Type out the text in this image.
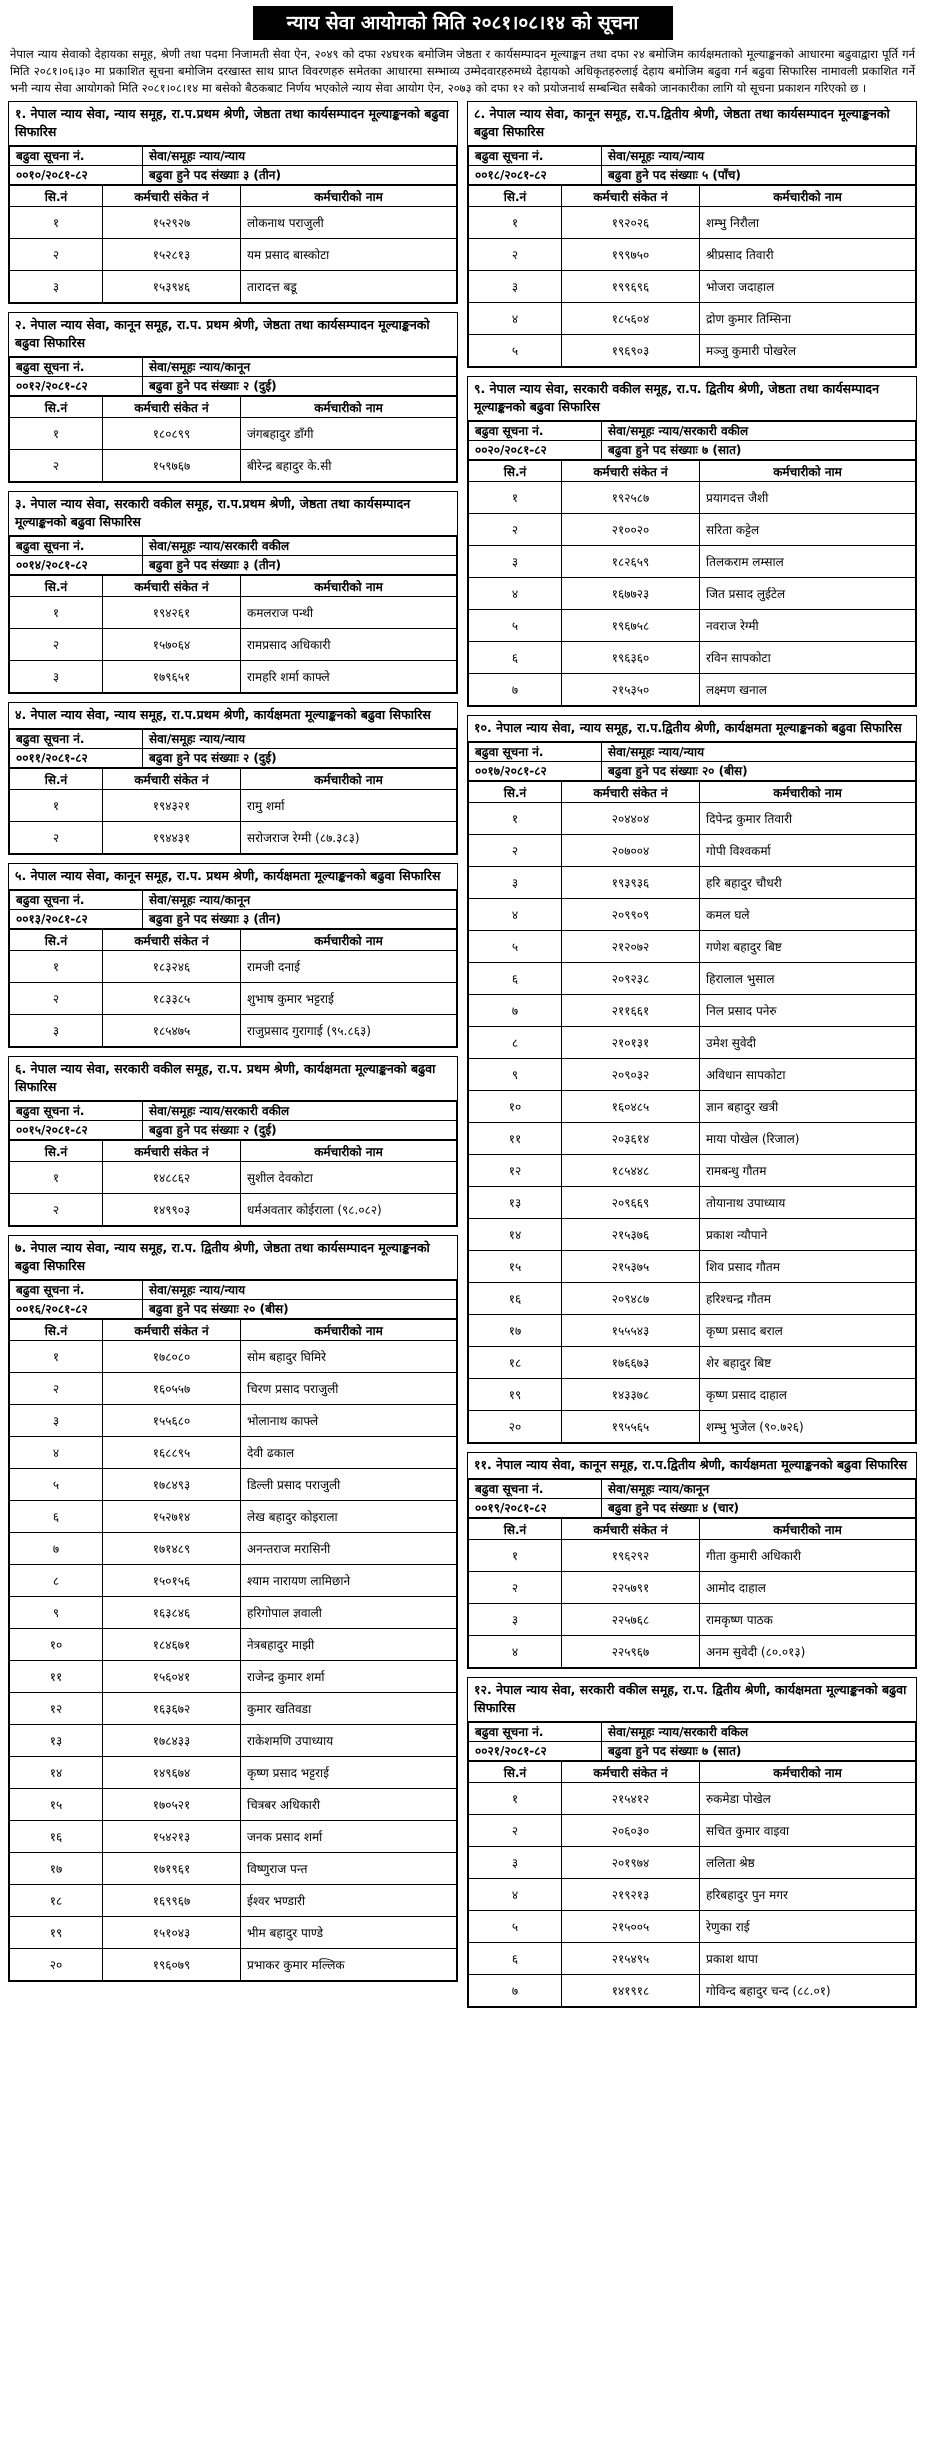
न्याय सेवा आयोगको मिति २०८१।०८।१४ को सूचना
नेपाल न्याय सेवाको देहायका समूह, श्रेणी तथा पदमा निजामती सेवा ऐन, २०४९ को दफा २४घ१क बमोजिम जेष्ठता र कार्यसम्पादन मूल्याङ्कन तथा दफा २४ बमोजिम कार्यक्षमताको मूल्याङ्कनको आधारमा बढुवाद्वारा पूर्ति गर्न मिति २०८१।०६।३० मा प्रकाशित सूचना बमोजिम दरखास्त साथ प्राप्त विवरणहरु समेतका आधारमा सम्भाव्य उम्मेदवारहरुमध्ये देहायको अधिकृतहरुलाई देहाय बमोजिम बढुवा गर्न बढुवा सिफारिस नामावली प्रकाशित गर्ने भनी न्याय सेवा आयोगको मिति २०८१।०८।१४ मा बसेको बैठकबाट निर्णय भएकोले न्याय सेवा आयोग ऐन, २०७३ को दफा १२ को प्रयोजनार्थ सम्बन्धित सबैको जानकारीका लागि यो सूचना प्रकाशन गरिएको छ ।
१. नेपाल न्याय सेवा, न्याय समूह, रा.प.प्रथम श्रेणी, जेष्ठता तथा कार्यसम्पादन मूल्याङ्कनको बढुवा सिफारिस
बढुवा सूचना नं.	सेवा/समूहः न्याय/न्याय
००१०/२०८१-८२	बढुवा हुने पद संख्याः ३ (तीन)
सि.नं	कर्मचारी संकेत नं	कर्मचारीको नाम
१	१५२९२७	लोकनाथ पराजुली
२	१५२८१३	यम प्रसाद बास्कोटा
३	१५३९४६	तारादत्त बडू
२. नेपाल न्याय सेवा, कानून समूह, रा.प. प्रथम श्रेणी, जेष्ठता तथा कार्यसम्पादन मूल्याङ्कनको बढुवा सिफारिस
बढुवा सूचना नं.	सेवा/समूहः न्याय/कानून
००१२/२०८१-८२	बढुवा हुने पद संख्याः २ (दुई)
सि.नं	कर्मचारी संकेत नं	कर्मचारीको नाम
१	१८०८९९	जंगबहादुर डाँगी
२	१५९७६७	बीरेन्द्र बहादुर के.सी
३. नेपाल न्याय सेवा, सरकारी वकील समूह, रा.प.प्रथम श्रेणी, जेष्ठता तथा कार्यसम्पादन मूल्याङ्कनको बढुवा सिफारिस
बढुवा सूचना नं.	सेवा/समूहः न्याय/सरकारी वकील
००१४/२०८१-८२	बढुवा हुने पद संख्याः ३ (तीन)
सि.नं	कर्मचारी संकेत नं	कर्मचारीको नाम
१	१९४२६१	कमलराज पन्थी
२	१५७०६४	रामप्रसाद अधिकारी
३	१७९६५१	रामहरि शर्मा काफ्ले
४. नेपाल न्याय सेवा, न्याय समूह, रा.प.प्रथम श्रेणी, कार्यक्षमता मूल्याङ्कनको बढुवा सिफारिस
बढुवा सूचना नं.	सेवा/समूहः न्याय/न्याय
००११/२०८१-८२	बढुवा हुने पद संख्याः २ (दुई)
सि.नं	कर्मचारी संकेत नं	कर्मचारीको नाम
१	१९४३२१	रामु शर्मा
२	१९४४३१	सरोजराज रेग्मी (८७.३८३)
५. नेपाल न्याय सेवा, कानून समूह, रा.प. प्रथम श्रेणी, कार्यक्षमता मूल्याङ्कनको बढुवा सिफारिस
बढुवा सूचना नं.	सेवा/समूहः न्याय/कानून
००१३/२०८१-८२	बढुवा हुने पद संख्याः ३ (तीन)
सि.नं	कर्मचारी संकेत नं	कर्मचारीको नाम
१	१८३२४६	रामजी दनाई
२	१८३३८५	शुभाष कुमार भट्टराई
३	१८५४७५	राजुप्रसाद गुरागाई (९५.८६३)
६. नेपाल न्याय सेवा, सरकारी वकील समूह, रा.प. प्रथम श्रेणी, कार्यक्षमता मूल्याङ्कनको बढुवा सिफारिस
बढुवा सूचना नं.	सेवा/समूहः न्याय/सरकारी वकील
००१५/२०८१-८२	बढुवा हुने पद संख्याः २ (दुई)
सि.नं	कर्मचारी संकेत नं	कर्मचारीको नाम
१	१४८८६२	सुशील देवकोटा
२	१४९९०३	धर्मअवतार कोईराला (९८.०८२)
७. नेपाल न्याय सेवा, न्याय समूह, रा.प. द्वितीय श्रेणी, जेष्ठता तथा कार्यसम्पादन मूल्याङ्कनको बढुवा सिफारिस
बढुवा सूचना नं.	सेवा/समूहः न्याय/न्याय
००१६/२०८१-८२	बढुवा हुने पद संख्याः २० (बीस)
सि.नं	कर्मचारी संकेत नं	कर्मचारीको नाम
१	१७८०८०	सोम बहादुर घिमिरे
२	१६०५५७	चिरण प्रसाद पराजुली
३	१५५६८०	भोलानाथ काफ्ले
४	१६८८९५	देवी ढकाल
५	१७८४९३	डिल्ली प्रसाद पराजुली
६	१५२७१४	लेख बहादुर कोइराला
७	१७१४८९	अनन्तराज मरासिनी
८	१५०१५६	श्याम नारायण लामिछाने
९	१६३८४६	हरिगोपाल ज्ञवाली
१०	१८४६७१	नेत्रबहादुर माझी
११	१५६०४१	राजेन्द्र कुमार शर्मा
१२	१६३६७२	कुमार खतिवडा
१३	१७८४३३	राकेशमणि उपाध्याय
१४	१४९६७४	कृष्ण प्रसाद भट्टराई
१५	१७०५२१	चित्रबर अधिकारी
१६	१५४२१३	जनक प्रसाद शर्मा
१७	१७१९६१	विष्णुराज पन्त
१८	१६९९६७	ईश्वर भण्डारी
१९	१५१०४३	भीम बहादुर पाण्डे
२०	१९६०७९	प्रभाकर कुमार मल्लिक
८. नेपाल न्याय सेवा, कानून समूह, रा.प.द्वितीय श्रेणी, जेष्ठता तथा कार्यसम्पादन मूल्याङ्कनको बढुवा सिफारिस
बढुवा सूचना नं.	सेवा/समूहः न्याय/न्याय
००१८/२०८१-८२	बढुवा हुने पद संख्याः ५ (पाँच)
सि.नं	कर्मचारी संकेत नं	कर्मचारीको नाम
१	१९२०२६	शम्भु निरौला
२	१९९७५०	श्रीप्रसाद तिवारी
३	१९९६९६	भोजरा जदाहाल
४	१८५६०४	द्रोण कुमार तिम्सिना
५	१९६९०३	मञ्जु कुमारी पोखरेल
९. नेपाल न्याय सेवा, सरकारी वकील समूह, रा.प. द्वितीय श्रेणी, जेष्ठता तथा कार्यसम्पादन मूल्याङ्कनको बढुवा सिफारिस
बढुवा सूचना नं.	सेवा/समूहः न्याय/सरकारी वकील
००२०/२०८१-८२	बढुवा हुने पद संख्याः ७ (सात)
सि.नं	कर्मचारी संकेत नं	कर्मचारीको नाम
१	१९२५८७	प्रयागदत्त जैशी
२	२१००२०	सरिता कट्टेल
३	१८२६५९	तिलकराम लम्साल
४	१६७७२३	जित प्रसाद लुईटेल
५	१९६७५८	नवराज रेग्मी
६	१९६३६०	रविन सापकोटा
७	२१५३५०	लक्ष्मण खनाल
१०. नेपाल न्याय सेवा, न्याय समूह, रा.प.द्वितीय श्रेणी, कार्यक्षमता मूल्याङ्कनको बढुवा सिफारिस
बढुवा सूचना नं.	सेवा/समूहः न्याय/न्याय
००१७/२०८१-८२	बढुवा हुने पद संख्याः २० (बीस)
सि.नं	कर्मचारी संकेत नं	कर्मचारीको नाम
१	२०४४०४	दिपेन्द्र कुमार तिवारी
२	२०७००४	गोपी विश्वकर्मा
३	१९३९३६	हरि बहादुर चौधरी
४	२०९९०९	कमल घले
५	२१२०७२	गणेश बहादुर बिष्ट
६	२०९२३८	हिरालाल भुसाल
७	२११६६१	निल प्रसाद पनेरु
८	२१०१३१	उमेश सुवेदी
९	२०९०३२	अविधान सापकोटा
१०	१६०४८५	ज्ञान बहादुर खत्री
११	२०३६१४	माया पोखेल (रिजाल)
१२	१८५४४८	रामबन्धु गौतम
१३	२०९६६९	तोयानाथ उपाध्याय
१४	२१५३७६	प्रकाश न्यौपाने
१५	२१५३७५	शिव प्रसाद गौतम
१६	२०९४८७	हरिश्चन्द्र गौतम
१७	१५५५४३	कृष्ण प्रसाद बराल
१८	१७६६७३	शेर बहादुर बिष्ट
१९	१४३३७८	कृष्ण प्रसाद दाहाल
२०	१९५५६५	शम्भु भुजेल (९०.७२६)
११. नेपाल न्याय सेवा, कानून समूह, रा.प.द्वितीय श्रेणी, कार्यक्षमता मूल्याङ्कनको बढुवा सिफारिस
बढुवा सूचना नं.	सेवा/समूहः न्याय/कानून
००१९/२०८१-८२	बढुवा हुने पद संख्याः ४ (चार)
सि.नं	कर्मचारी संकेत नं	कर्मचारीको नाम
१	१९६२९२	गीता कुमारी अधिकारी
२	२२५७९१	आमोद दाहाल
३	२२५७६८	रामकृष्ण पाठक
४	२२५९६७	अनम सुवेदी (८०.०१३)
१२. नेपाल न्याय सेवा, सरकारी वकील समूह, रा.प. द्वितीय श्रेणी, कार्यक्षमता मूल्याङ्कनको बढुवा सिफारिस
बढुवा सूचना नं.	सेवा/समूहः न्याय/सरकारी वकिल
००२१/२०८१-८२	बढुवा हुने पद संख्याः ७ (सात)
सि.नं	कर्मचारी संकेत नं	कर्मचारीको नाम
१	२१५४१२	रुकमेडा पोखेल
२	२०६०३०	सचित कुमार वाइवा
३	२०१९७४	ललिता श्रेष्ठ
४	२१९२१३	हरिबहादुर पुन मगर
५	२१५००५	रेणुका राई
६	२१५४९५	प्रकाश थापा
७	१४१९१८	गोविन्द बहादुर चन्द (८८.०१)
